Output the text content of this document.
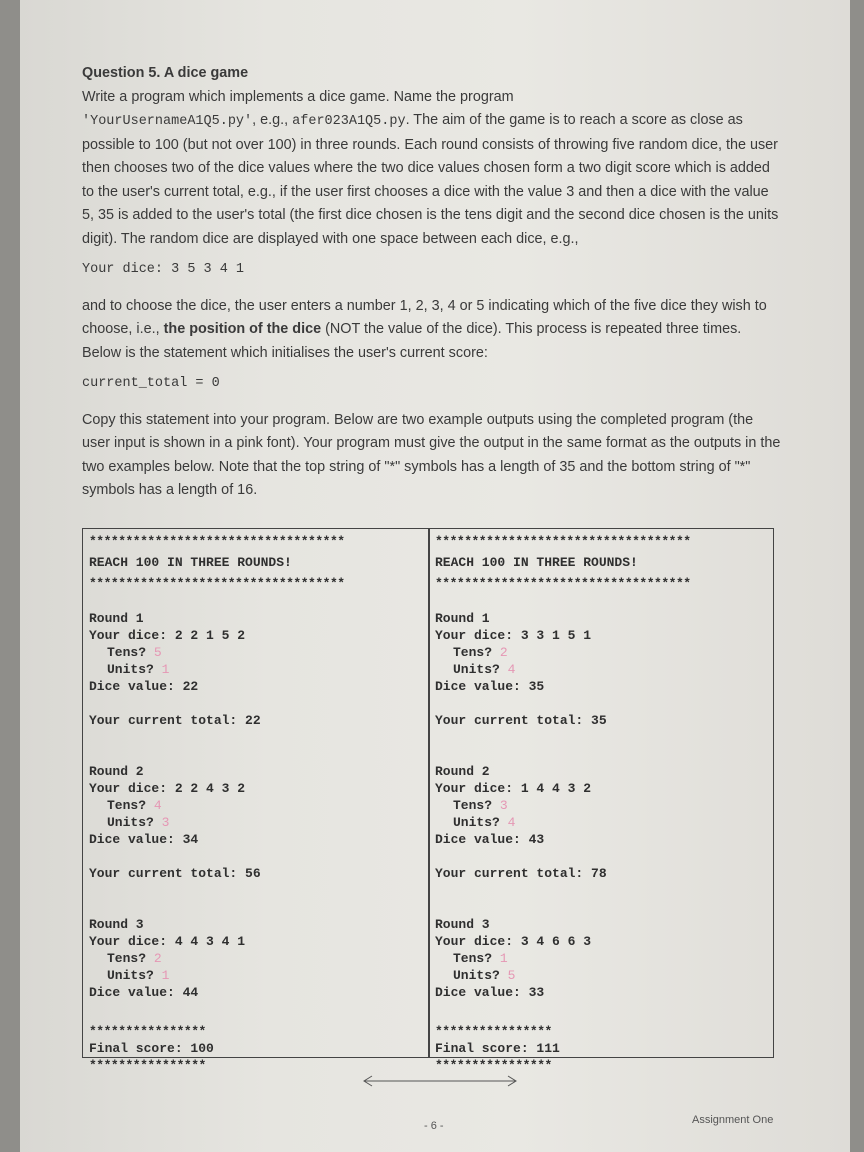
Question 5. A dice game

Write a program which implements a dice game. Name the program
'YourUsernameA1Q5.py', e.g., afer023A1Q5.py. The aim of the game is to reach a score as close as possible to 100 (but not over 100) in three rounds. Each round consists of throwing five random dice, the user then chooses two of the dice values where the two dice values chosen form a two digit score which is added to the user's current total, e.g., if the user first chooses a dice with the value 3 and then a dice with the value 5, 35 is added to the user's total (the first dice chosen is the tens digit and the second dice chosen is the units digit). The random dice are displayed with one space between each dice, e.g.,

Your dice: 3 5 3 4 1

and to choose the dice, the user enters a number 1, 2, 3, 4 or 5 indicating which of the five dice they wish to choose, i.e., the position of the dice (NOT the value of the dice). This process is repeated three times. Below is the statement which initialises the user's current score:

current_total = 0

Copy this statement into your program. Below are two example outputs using the completed program (the user input is shown in a pink font). Your program must give the output in the same format as the outputs in the two examples below. Note that the top string of "*" symbols has a length of 35 and the bottom string of "*" symbols has a length of 16.

***********************************
REACH 100 IN THREE ROUNDS!
***********************************
Round 1
Your dice: 2 2 1 5 2
Tens? 5
Units? 1
Dice value: 22
Your current total: 22
Round 2
Your dice: 2 2 4 3 2
Tens? 4
Units? 3
Dice value: 34
Your current total: 56
Round 3
Your dice: 4 4 3 4 1
Tens? 2
Units? 1
Dice value: 44
****************
Final score: 100
****************
***********************************
REACH 100 IN THREE ROUNDS!
***********************************
Round 1
Your dice: 3 3 1 5 1
Tens? 2
Units? 4
Dice value: 35
Your current total: 35
Round 2
Your dice: 1 4 4 3 2
Tens? 3
Units? 4
Dice value: 43
Your current total: 78
Round 3
Your dice: 3 4 6 6 3
Tens? 1
Units? 5
Dice value: 33
****************
Final score: 111
****************
- 6 -	Assignment One
